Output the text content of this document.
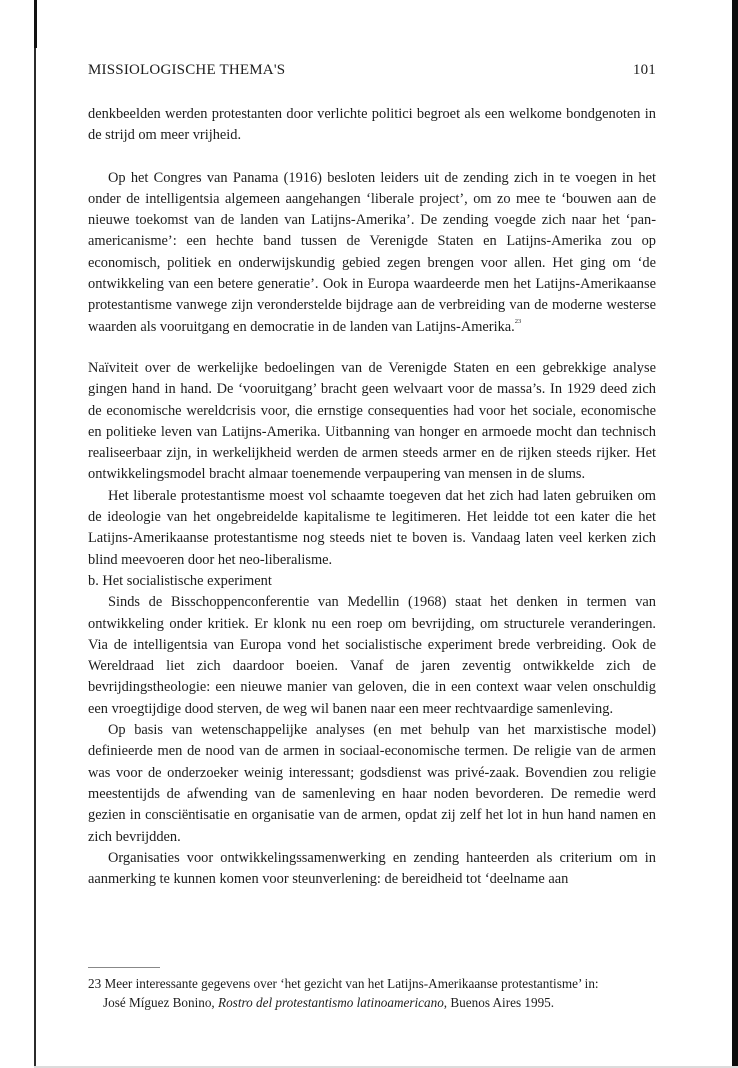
MISSIOLOGISCHE THEMA'S	101

denkbeelden werden protestanten door verlichte politici begroet als een welkome bondgenoten in de strijd om meer vrijheid.

Op het Congres van Panama (1916) besloten leiders uit de zending zich in te voegen in het onder de intelligentsia algemeen aangehangen ‘liberale project’, om zo mee te ‘bouwen aan de nieuwe toekomst van de landen van Latijns-Amerika’. De zending voegde zich naar het ‘pan-americanisme’: een hechte band tussen de Verenigde Staten en Latijns-Amerika zou op economisch, politiek en onderwijskundig gebied zegen brengen voor allen. Het ging om ‘de ontwikkeling van een betere generatie’. Ook in Europa waardeerde men het Latijns-Amerikaanse protestantisme vanwege zijn veronderstelde bijdrage aan de verbreiding van de moderne westerse waarden als vooruitgang en democratie in de landen van Latijns-Amerika.$^{23}$

Naïviteit over de werkelijke bedoelingen van de Verenigde Staten en een gebrekkige analyse gingen hand in hand. De ‘vooruitgang’ bracht geen welvaart voor de massa’s. In 1929 deed zich de economische wereldcrisis voor, die ernstige consequenties had voor het sociale, economische en politieke leven van Latijns-Amerika. Uitbanning van honger en armoede mocht dan technisch realiseerbaar zijn, in werkelijkheid werden de armen steeds armer en de rijken steeds rijker. Het ontwikkelingsmodel bracht almaar toenemende verpaupering van mensen in de slums.

Het liberale protestantisme moest vol schaamte toegeven dat het zich had laten gebruiken om de ideologie van het ongebreidelde kapitalisme te legitimeren. Het leidde tot een kater die het Latijns-Amerikaanse protestantisme nog steeds niet te boven is. Vandaag laten veel kerken zich blind meevoeren door het neo-liberalisme.

b. Het socialistische experiment

Sinds de Bisschoppenconferentie van Medellin (1968) staat het denken in termen van ontwikkeling onder kritiek. Er klonk nu een roep om bevrijding, om structurele veranderingen. Via de intelligentsia van Europa vond het socialistische experiment brede verbreiding. Ook de Wereldraad liet zich daardoor boeien. Vanaf de jaren zeventig ontwikkelde zich de bevrijdingstheologie: een nieuwe manier van geloven, die in een context waar velen onschuldig een vroegtijdige dood sterven, de weg wil banen naar een meer rechtvaardige samenleving.

Op basis van wetenschappelijke analyses (en met behulp van het marxistische model) definieerde men de nood van de armen in sociaal-economische termen. De religie van de armen was voor de onderzoeker weinig interessant; godsdienst was privé-zaak. Bovendien zou religie meestentijds de afwending van de samenleving en haar noden bevorderen. De remedie werd gezien in consciëntisatie en organisatie van de armen, opdat zij zelf het lot in hun hand namen en zich bevrijdden.

Organisaties voor ontwikkelingssamenwerking en zending hanteerden als criterium om in aanmerking te kunnen komen voor steunverlening: de bereidheid tot ‘deelname aan

23 Meer interessante gegevens over ‘het gezicht van het Latijns-Amerikaanse protestantisme’ in:

José Míguez Bonino, Rostro del protestantismo latinoamericano, Buenos Aires 1995.
